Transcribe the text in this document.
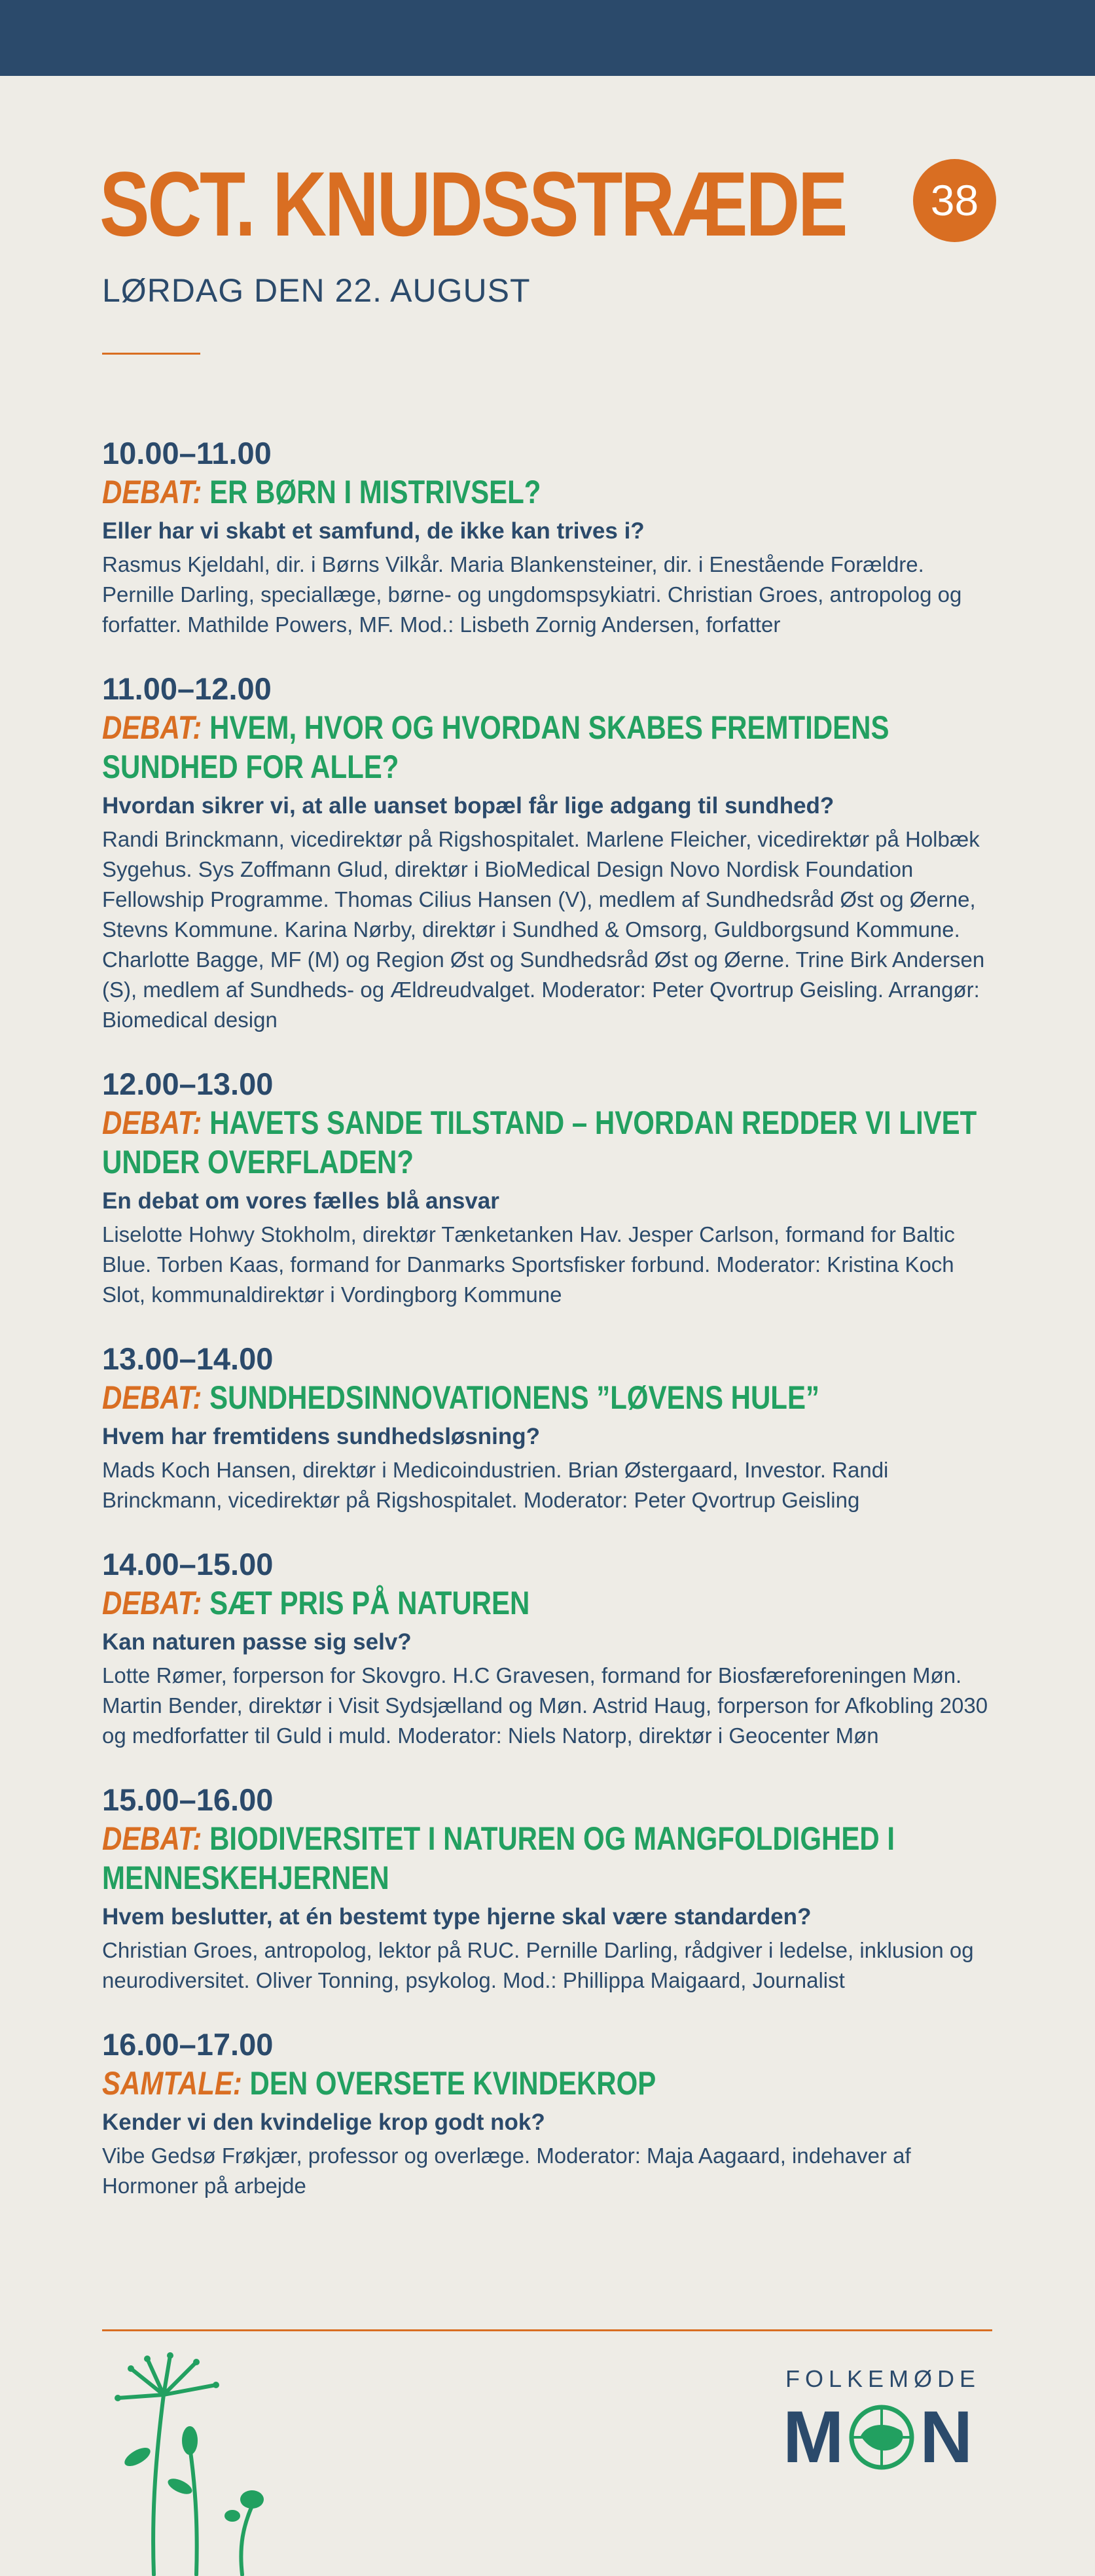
SCT. KNUDSSTRÆDE	38
LØRDAG DEN 22. AUGUST
10.00–11.00
DEBAT: ER BØRN I MISTRIVSEL?
Eller har vi skabt et samfund, de ikke kan trives i?
Rasmus Kjeldahl, dir. i Børns Vilkår. Maria Blankensteiner, dir. i Enestående Forældre. Pernille Darling, speciallæge, børne- og ungdomspsykiatri. Christian Groes, antropolog og forfatter. Mathilde Powers, MF. Mod.: Lisbeth Zornig Andersen, forfatter
11.00–12.00
DEBAT: HVEM, HVOR OG HVORDAN SKABES FREMTIDENS SUNDHED FOR ALLE?
Hvordan sikrer vi, at alle uanset bopæl får lige adgang til sundhed?
Randi Brinckmann, vicedirektør på Rigshospitalet. Marlene Fleicher, vicedirektør på Holbæk Sygehus. Sys Zoffmann Glud, direktør i BioMedical Design Novo Nordisk Foundation Fellowship Programme. Thomas Cilius Hansen (V), medlem af Sundhedsråd Øst og Øerne, Stevns Kommune. Karina Nørby, direktør i Sundhed & Omsorg, Guldborgsund Kommune. Charlotte Bagge, MF (M) og Region Øst og Sundhedsråd Øst og Øerne. Trine Birk Andersen (S), medlem af Sundheds- og Ældreudvalget. Moderator: Peter Qvortrup Geisling. Arrangør: Biomedical design
12.00–13.00
DEBAT: HAVETS SANDE TILSTAND – HVORDAN REDDER VI LIVET UNDER OVERFLADEN?
En debat om vores fælles blå ansvar
Liselotte Hohwy Stokholm, direktør Tænketanken Hav. Jesper Carlson, formand for Baltic Blue. Torben Kaas, formand for Danmarks Sportsfisker forbund. Moderator: Kristina Koch Slot, kommunaldirektør i Vordingborg Kommune
13.00–14.00
DEBAT: SUNDHEDSINNOVATIONENS ”LØVENS HULE”
Hvem har fremtidens sundhedsløsning?
Mads Koch Hansen, direktør i Medicoindustrien. Brian Østergaard, Investor. Randi Brinckmann, vicedirektør på Rigshospitalet. Moderator: Peter Qvortrup Geisling
14.00–15.00
DEBAT: SÆT PRIS PÅ NATUREN
Kan naturen passe sig selv?
Lotte Rømer, forperson for Skovgro. H.C Gravesen, formand for Biosfæreforeningen Møn. Martin Bender, direktør i Visit Sydsjælland og Møn. Astrid Haug, forperson for Afkobling 2030 og medforfatter til Guld i muld. Moderator: Niels Natorp, direktør i Geocenter Møn
15.00–16.00
DEBAT: BIODIVERSITET I NATUREN OG MANGFOLDIGHED I MENNESKEHJERNEN
Hvem beslutter, at én bestemt type hjerne skal være standarden?
Christian Groes, antropolog, lektor på RUC. Pernille Darling, rådgiver i ledelse, inklusion og neurodiversitet. Oliver Tonning, psykolog. Mod.: Phillippa Maigaard, Journalist
16.00–17.00
SAMTALE: DEN OVERSETE KVINDEKROP
Kender vi den kvindelige krop godt nok?
Vibe Gedsø Frøkjær, professor og overlæge. Moderator: Maja Aagaard, indehaver af Hormoner på arbejde
FOLKEMØDE
M N
